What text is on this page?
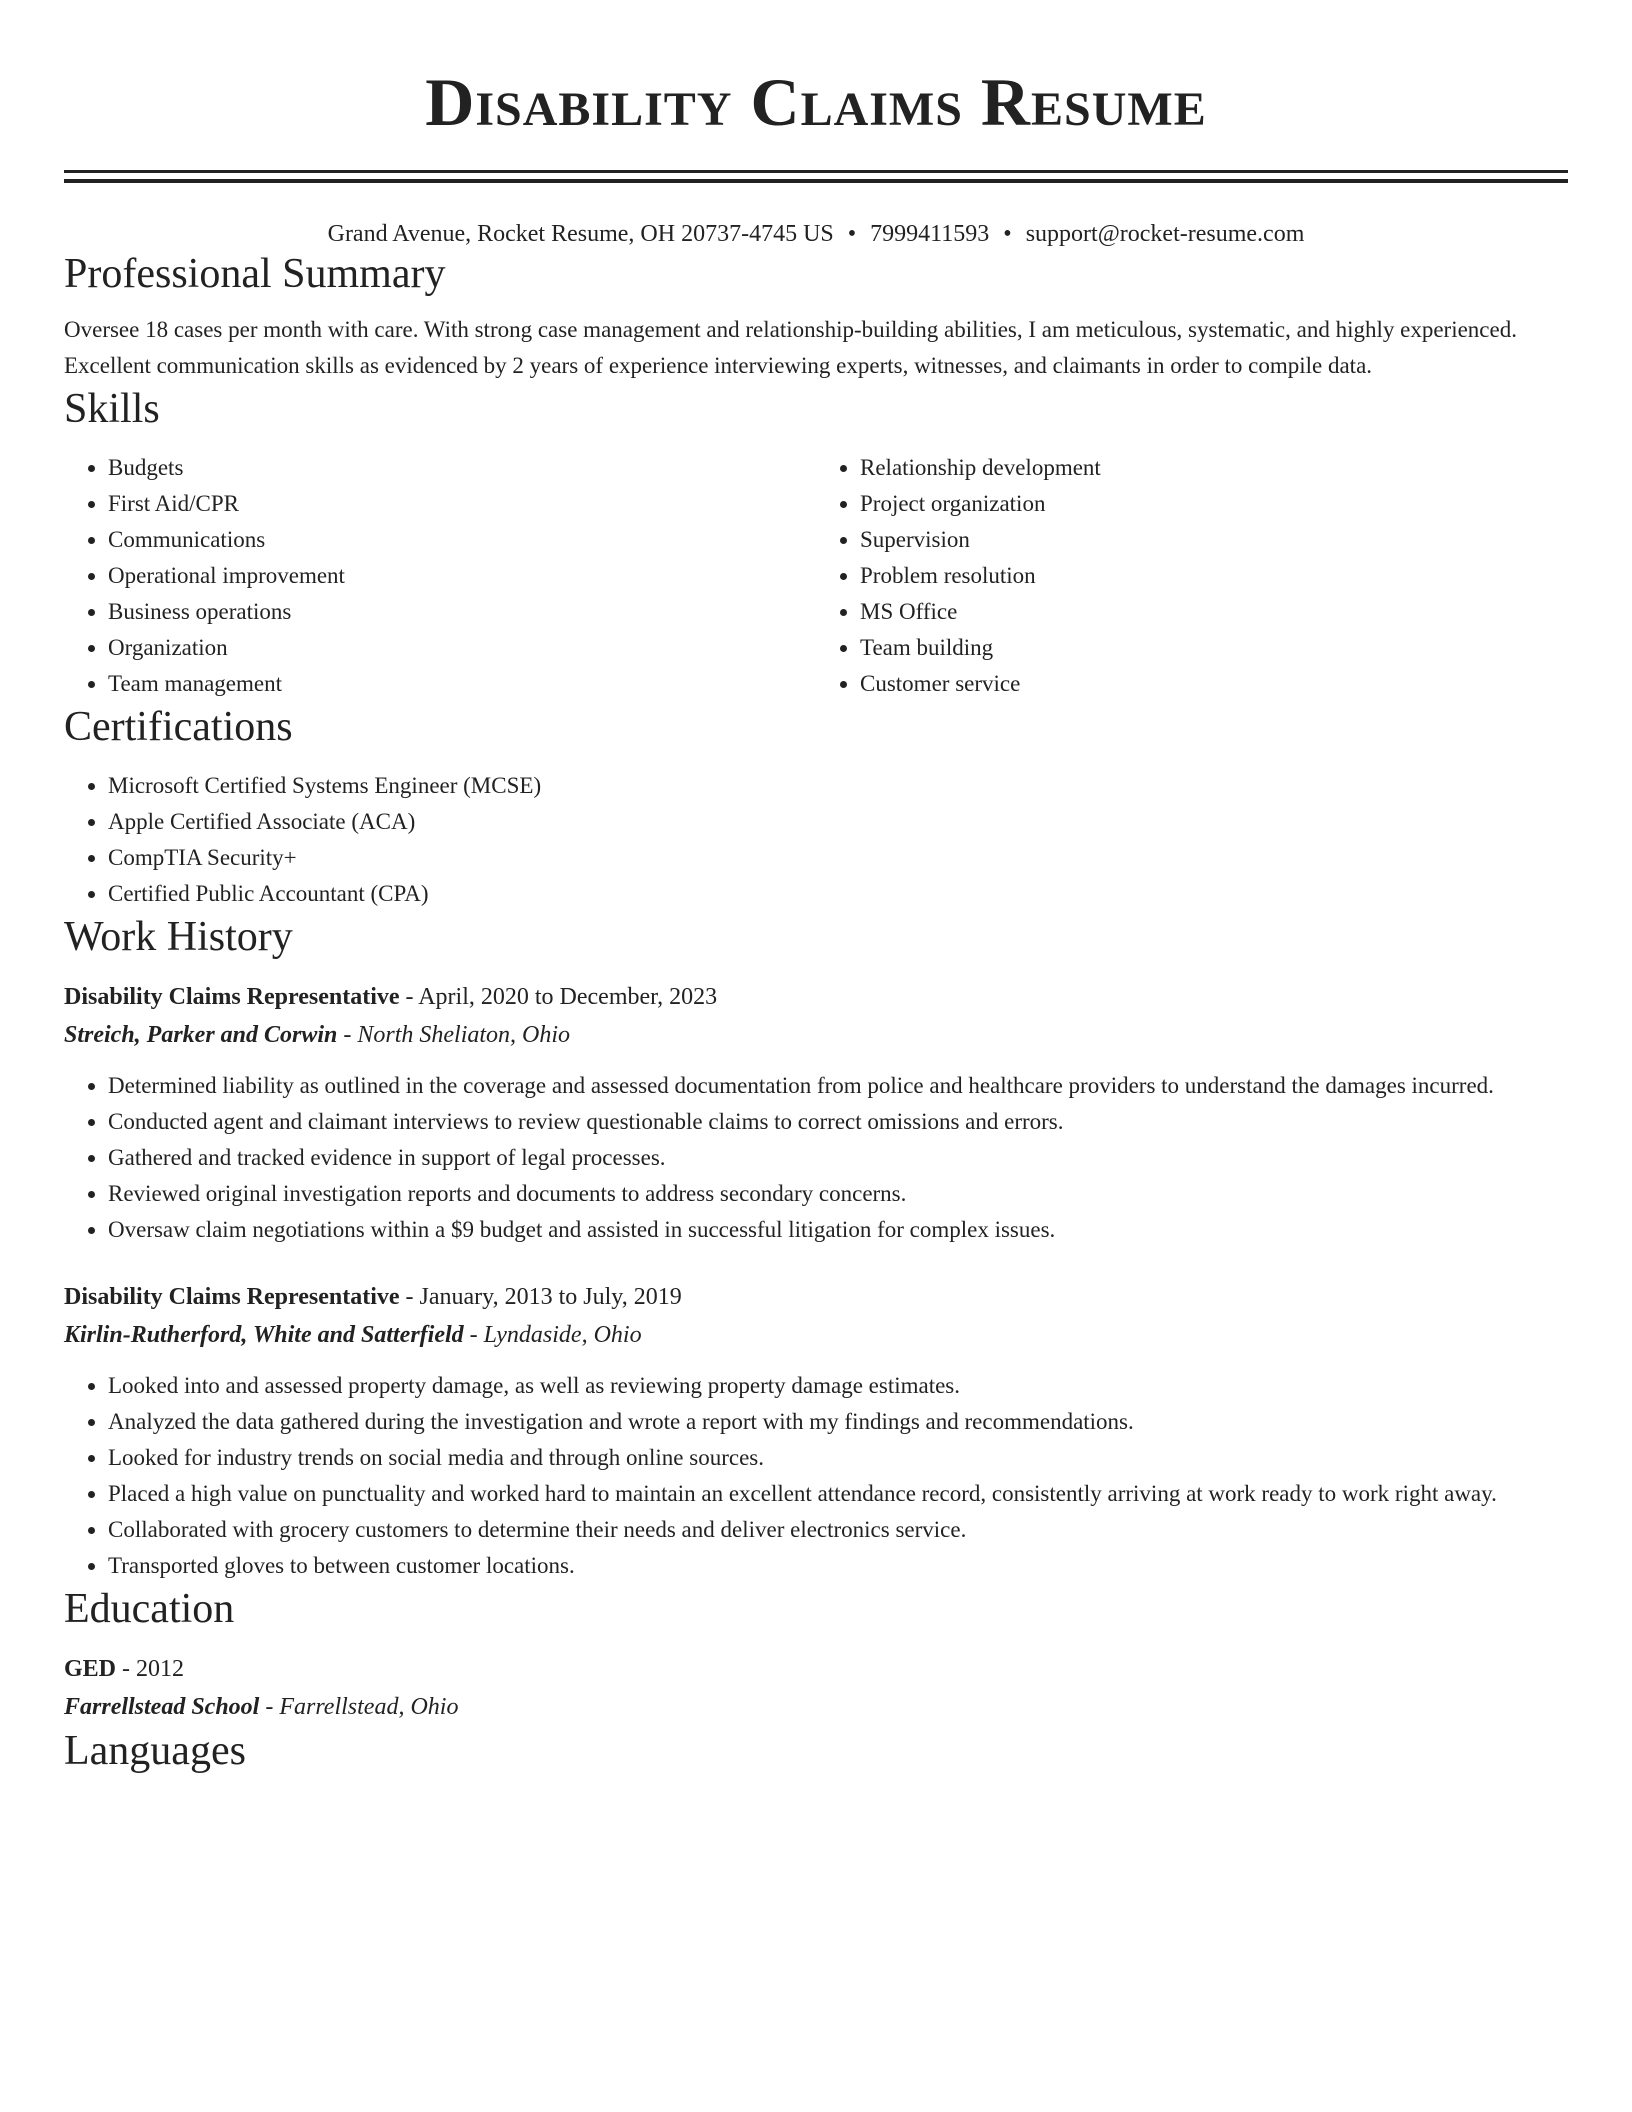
Disability Claims Resume
Grand Avenue, Rocket Resume, OH 20737-4745 US • 7999411593 • support@rocket-resume.com
Professional Summary

Oversee 18 cases per month with care. With strong case management and relationship-building abilities, I am meticulous, systematic, and highly experienced. Excellent communication skills as evidenced by 2 years of experience interviewing experts, witnesses, and claimants in order to compile data.

Skills
• Budgets
• First Aid/CPR
• Communications
• Operational improvement
• Business operations
• Organization
• Team management
• Relationship development
• Project organization
• Supervision
• Problem resolution
• MS Office
• Team building
• Customer service
Certifications
• Microsoft Certified Systems Engineer (MCSE)
• Apple Certified Associate (ACA)
• CompTIA Security+
• Certified Public Accountant (CPA)
Work History
Disability Claims Representative - April, 2020 to December, 2023
Streich, Parker and Corwin - North Sheliaton, Ohio
• Determined liability as outlined in the coverage and assessed documentation from police and healthcare providers to understand the damages incurred.
• Conducted agent and claimant interviews to review questionable claims to correct omissions and errors.
• Gathered and tracked evidence in support of legal processes.
• Reviewed original investigation reports and documents to address secondary concerns.
• Oversaw claim negotiations within a $9 budget and assisted in successful litigation for complex issues.
Disability Claims Representative - January, 2013 to July, 2019
Kirlin-Rutherford, White and Satterfield - Lyndaside, Ohio
• Looked into and assessed property damage, as well as reviewing property damage estimates.
• Analyzed the data gathered during the investigation and wrote a report with my findings and recommendations.
• Looked for industry trends on social media and through online sources.
• Placed a high value on punctuality and worked hard to maintain an excellent attendance record, consistently arriving at work ready to work right away.
• Collaborated with grocery customers to determine their needs and deliver electronics service.
• Transported gloves to between customer locations.
Education
GED - 2012
Farrellstead School - Farrellstead, Ohio
Languages
